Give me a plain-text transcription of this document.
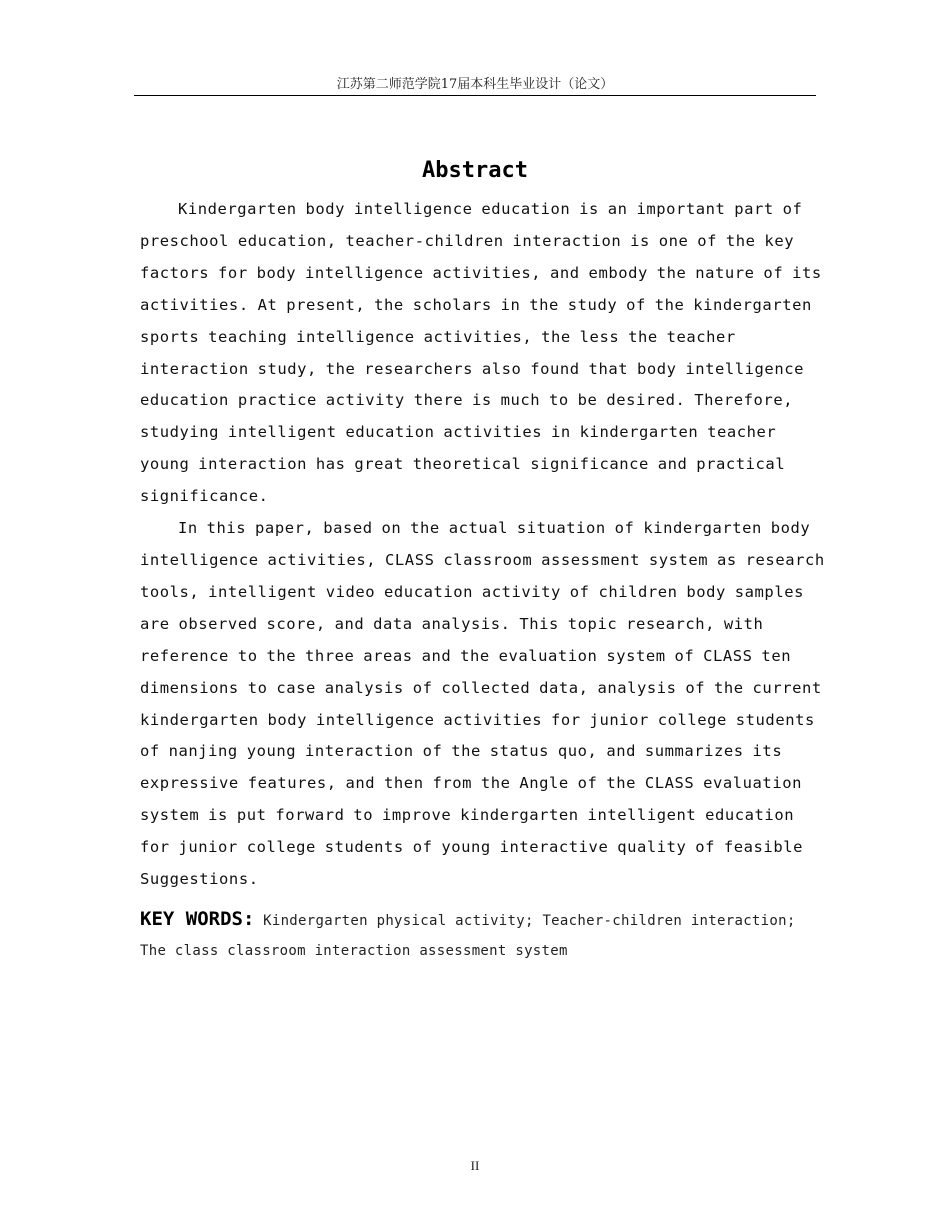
江苏第二师范学院17届本科生毕业设计（论文）
Abstract

Kindergarten body intelligence education is an important part of preschool education, teacher-children interaction is one of the key factors for body intelligence activities, and embody the nature of its activities. At present, the scholars in the study of the kindergarten sports teaching intelligence activities, the less the teacher interaction study, the researchers also found that body intelligence education practice activity there is much to be desired. Therefore, studying intelligent education activities in kindergarten teacher young interaction has great theoretical significance and practical significance.

In this paper, based on the actual situation of kindergarten body intelligence activities, CLASS classroom assessment system as research tools, intelligent video education activity of children body samples are observed score, and data analysis. This topic research, with reference to the three areas and the evaluation system of CLASS ten dimensions to case analysis of collected data, analysis of the current kindergarten body intelligence activities for junior college students of nanjing young interaction of the status quo, and summarizes its expressive features, and then from the Angle of the CLASS evaluation system is put forward to improve kindergarten intelligent education for junior college students of young interactive quality of feasible Suggestions.

KEY WORDS: Kindergarten physical activity; Teacher-children interaction; The class classroom interaction assessment system
II
